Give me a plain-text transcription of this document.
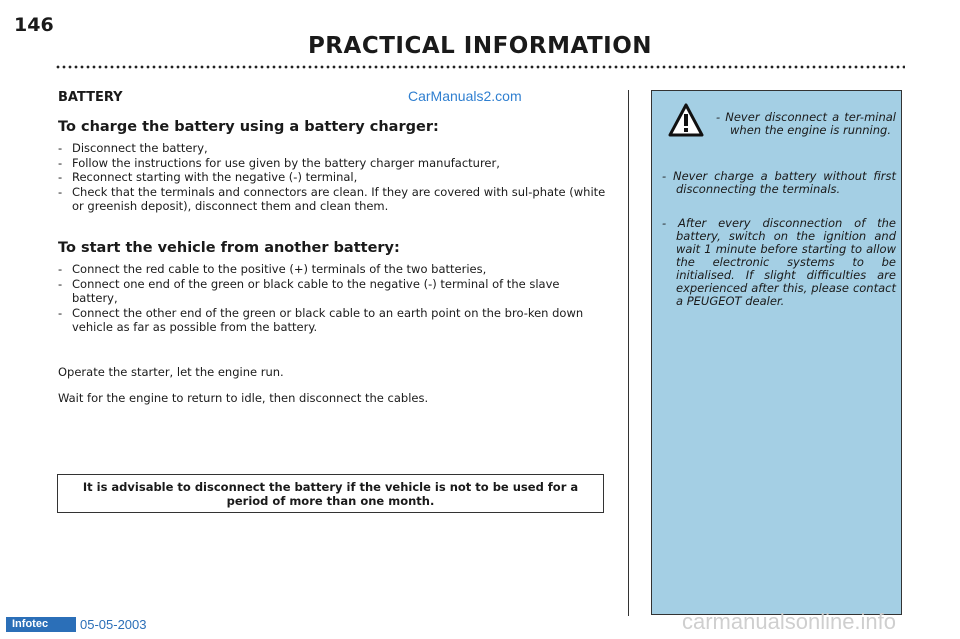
146
PRACTICAL INFORMATION
CarManuals2.com
BATTERY
To charge the battery using a battery charger:
- Disconnect the battery,
- Follow the instructions for use given by the battery charger manufacturer,
- Reconnect starting with the negative (-) terminal,
- Check that the terminals and connectors are clean. If they are covered with sul-phate (white or greenish deposit), disconnect them and clean them.
To start the vehicle from another battery:
- Connect the red cable to the positive (+) terminals of the two batteries,
- Connect one end of the green or black cable to the negative (-) terminal of the slave battery,
- Connect the other end of the green or black cable to an earth point on the bro-ken down vehicle as far as possible from the battery.
Operate the starter, let the engine run.
Wait for the engine to return to idle, then disconnect the cables.
It is advisable to disconnect the battery if the vehicle is not to be used for a period of more than one month.
- Never disconnect a ter-minal when the engine is running.
- Never charge a battery without first disconnecting the terminals.
- After every disconnection of the battery, switch on the ignition and wait 1 minute before starting to allow the electronic systems to be initialised. If slight difficulties are experienced after this, please contact a PEUGEOT dealer.
Infotec	05-05-2003	carmanualsonline.info
